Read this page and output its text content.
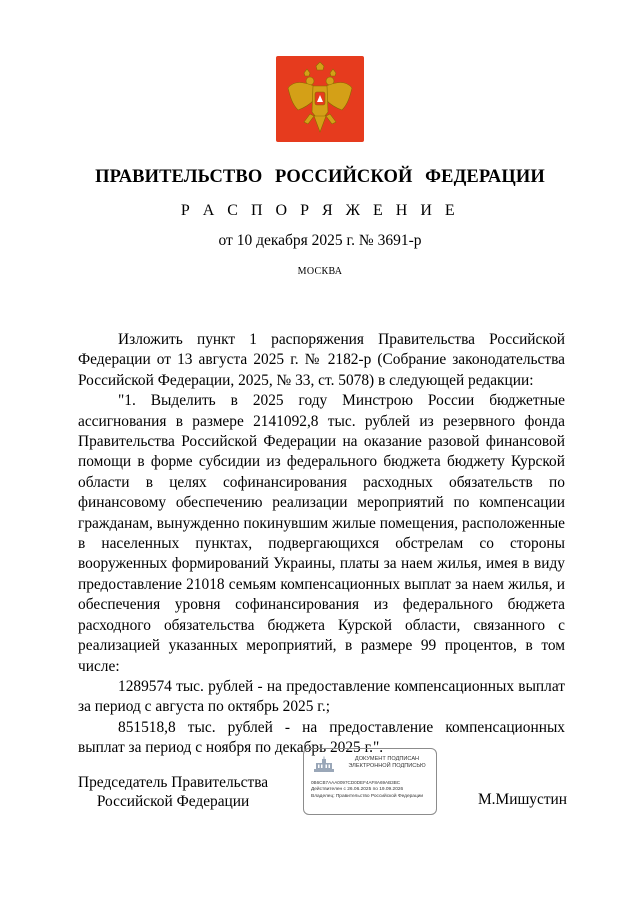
ПРАВИТЕЛЬСТВО РОССИЙСКОЙ ФЕДЕРАЦИИ
Р А С П О Р Я Ж Е Н И Е
от 10 декабря 2025 г. № 3691-р
МОСКВА

Изложить пункт 1 распоряжения Правительства Российской Федерации от 13 августа 2025 г. № 2182-р (Собрание законодательства Российской Федерации, 2025, № 33, ст. 5078) в следующей редакции:

"1. Выделить в 2025 году Минстрою России бюджетные ассигнования в размере 2141092,8 тыс. рублей из резервного фонда Правительства Российской Федерации на оказание разовой финансовой помощи в форме субсидии из федерального бюджета бюджету Курской области в целях софинансирования расходных обязательств по финансовому обеспечению реализации мероприятий по компенсации гражданам, вынужденно покинувшим жилые помещения, расположенные в населенных пунктах, подвергающихся обстрелам со стороны вооруженных формирований Украины, платы за наем жилья, имея в виду предоставление 21018 семьям компенсационных выплат за наем жилья, и обеспечения уровня софинансирования из федерального бюджета расходного обязательства бюджета Курской области, связанного с реализацией указанных мероприятий, в размере 99 процентов, в том числе:

1289574 тыс. рублей - на предоставление компенсационных выплат за период с августа по октябрь 2025 г.;

851518,8 тыс. рублей - на предоставление компенсационных выплат за период с ноября по декабрь 2025 г.".

Председатель Правительства
Российской Федерации
ДОКУМЕНТ ПОДПИСАН
ЭЛЕКТРОННОЙ ПОДПИСЬЮ
0B6CB7AAA0097CD0DEF4AF8A69AB3BC
Действителен с 26.06.2025 по 19.09.2026
Владелец: Правительство Российской Федерации	М.Мишустин
